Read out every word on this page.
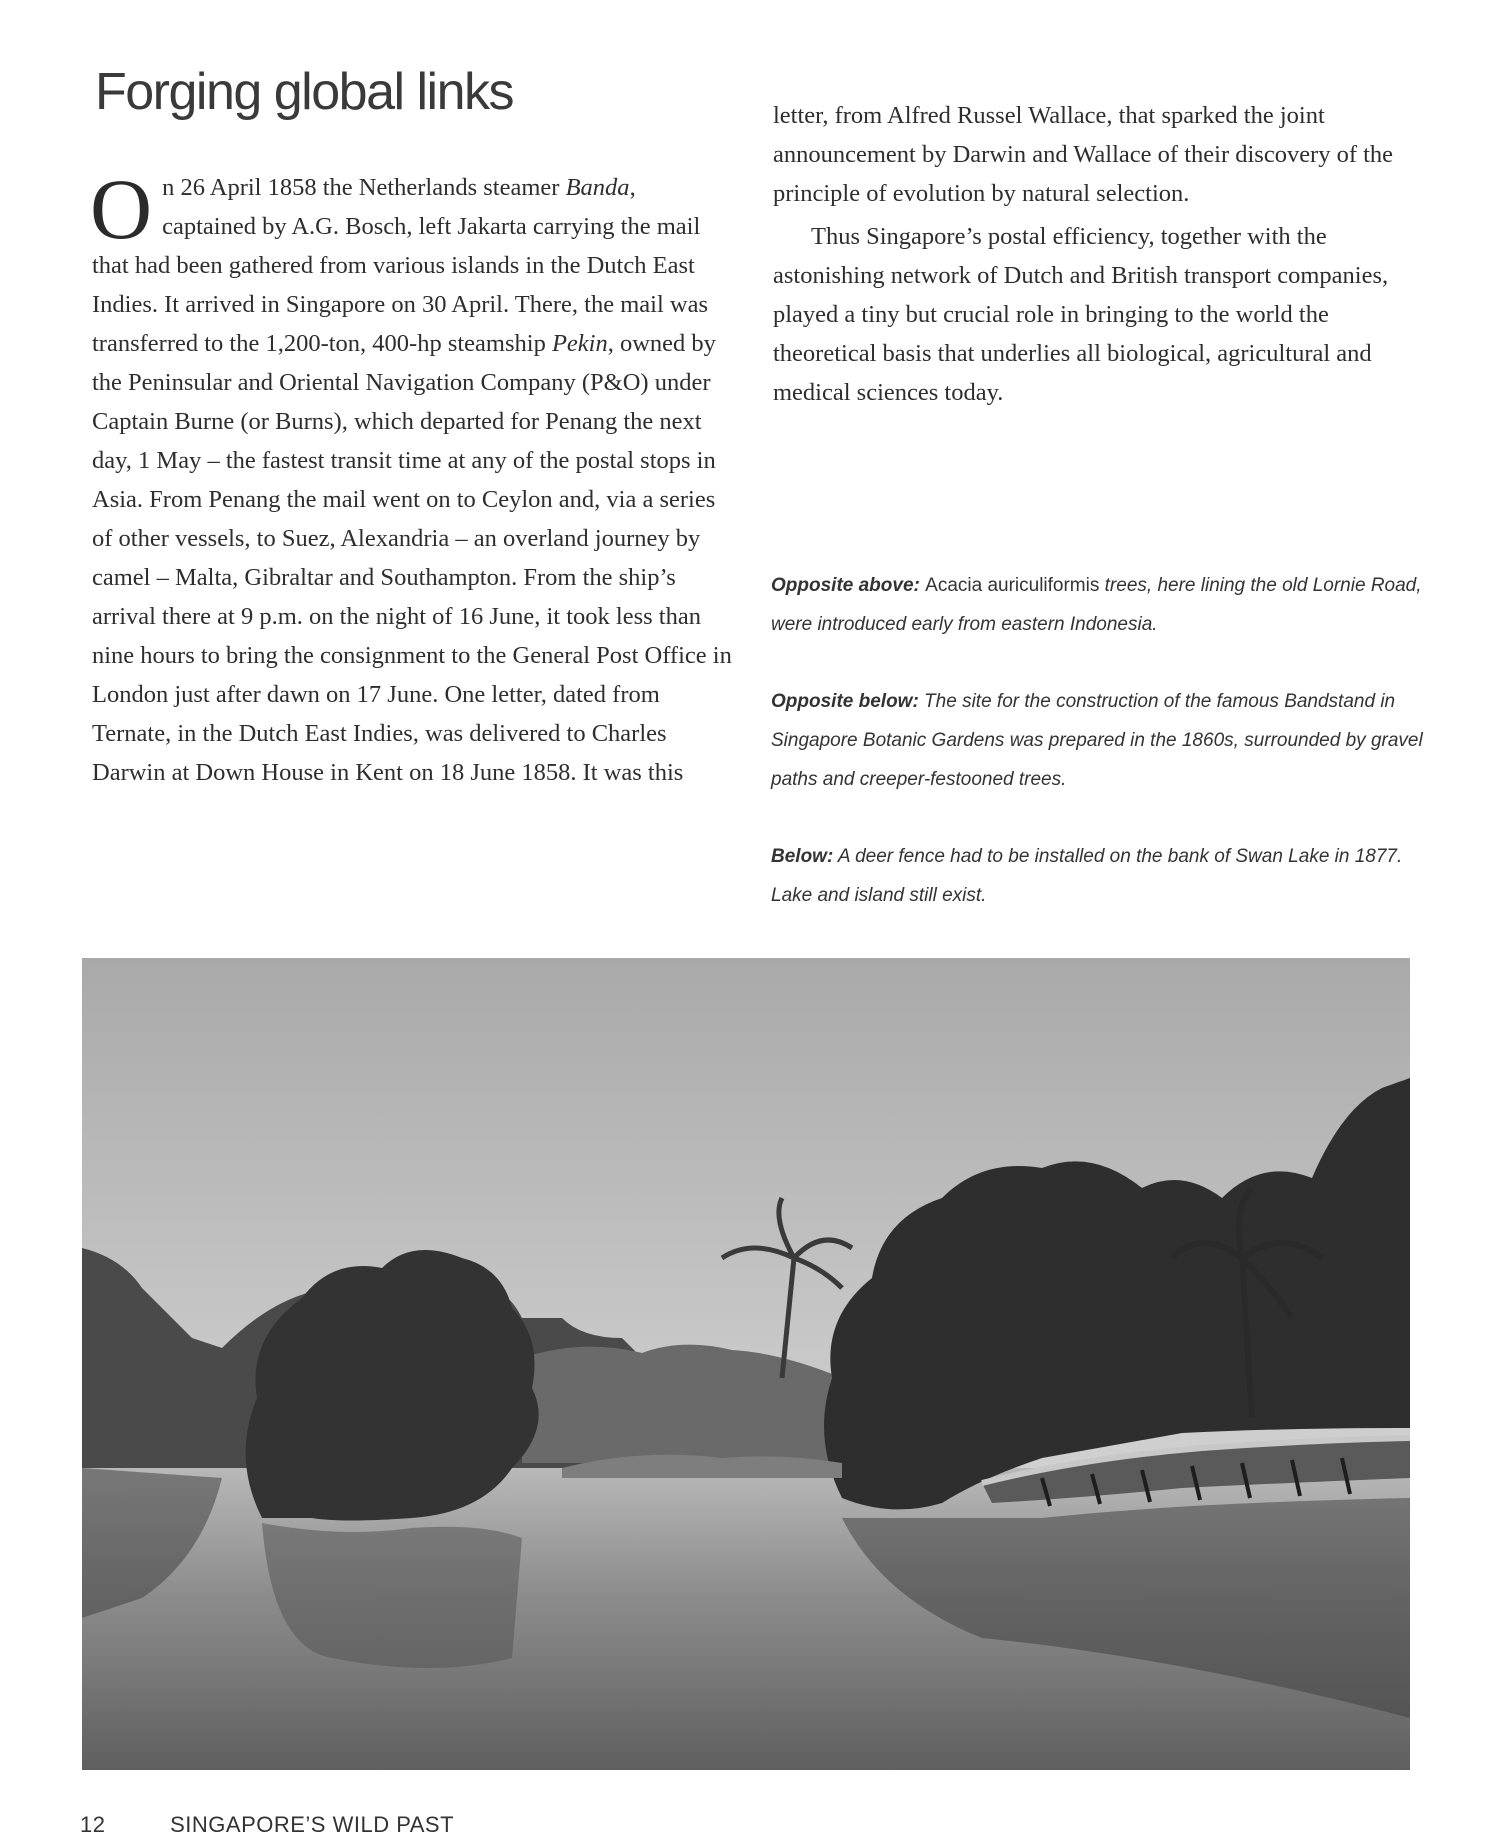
Forging global links

On 26 April 1858 the Netherlands steamer Banda, captained by A.G. Bosch, left Jakarta carrying the mail that had been gathered from various islands in the Dutch East Indies. It arrived in Singapore on 30 April. There, the mail was transferred to the 1,200-ton, 400-hp steamship Pekin, owned by the Peninsular and Oriental Navigation Company (P&O) under Captain Burne (or Burns), which departed for Penang the next day, 1 May – the fastest transit time at any of the postal stops in Asia. From Penang the mail went on to Ceylon and, via a series of other vessels, to Suez, Alexandria – an overland journey by camel – Malta, Gibraltar and Southampton. From the ship’s arrival there at 9 p.m. on the night of 16 June, it took less than nine hours to bring the consignment to the General Post Office in London just after dawn on 17 June. One letter, dated from Ternate, in the Dutch East Indies, was delivered to Charles Darwin at Down House in Kent on 18 June 1858. It was this

letter, from Alfred Russel Wallace, that sparked the joint announcement by Darwin and Wallace of their discovery of the principle of evolution by natural selection.

Thus Singapore’s postal efficiency, together with the astonishing network of Dutch and British transport companies, played a tiny but crucial role in bringing to the world the theoretical basis that underlies all biological, agricultural and medical sciences today.

Opposite above: Acacia auriculiformis trees, here lining the old Lornie Road, were introduced early from eastern Indonesia.

Opposite below: The site for the construction of the famous Bandstand in Singapore Botanic Gardens was prepared in the 1860s, surrounded by gravel paths and creeper-festooned trees.

Below: A deer fence had to be installed on the bank of Swan Lake in 1877. Lake and island still exist.

12	SINGAPORE’S WILD PAST
